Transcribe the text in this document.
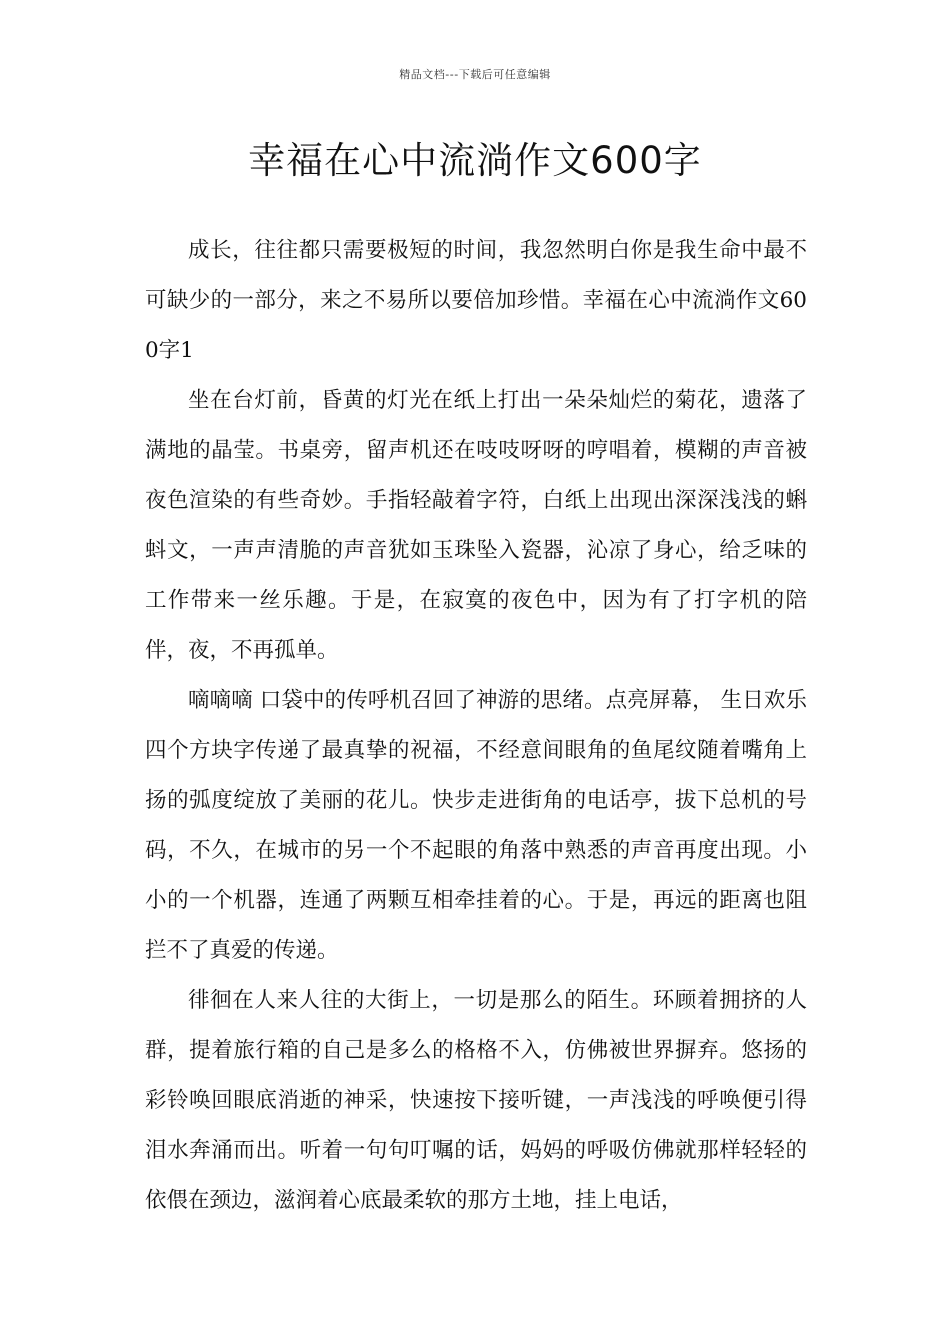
精品文档---下载后可任意编辑
幸福在心中流淌作文600字

成长，往往都只需要极短的时间，我忽然明白你是我生命中最不可缺少的一部分，来之不易所以要倍加珍惜。幸福在心中流淌作文600字1

坐在台灯前，昏黄的灯光在纸上打出一朵朵灿烂的菊花，遗落了满地的晶莹。书桌旁，留声机还在吱吱呀呀的哼唱着，模糊的声音被夜色渲染的有些奇妙。手指轻敲着字符，白纸上出现出深深浅浅的蝌蚪文，一声声清脆的声音犹如玉珠坠入瓷器，沁凉了身心，给乏味的工作带来一丝乐趣。于是，在寂寞的夜色中，因为有了打字机的陪伴，夜，不再孤单。

嘀嘀嘀 口袋中的传呼机召回了神游的思绪。点亮屏幕， 生日欢乐 四个方块字传递了最真挚的祝福，不经意间眼角的鱼尾纹随着嘴角上扬的弧度绽放了美丽的花儿。快步走进街角的电话亭，拔下总机的号码，不久，在城市的另一个不起眼的角落中熟悉的声音再度出现。小小的一个机器，连通了两颗互相牵挂着的心。于是，再远的距离也阻拦不了真爱的传递。

徘徊在人来人往的大街上，一切是那么的陌生。环顾着拥挤的人群，提着旅行箱的自己是多么的格格不入，仿佛被世界摒弃。悠扬的彩铃唤回眼底消逝的神采，快速按下接听键，一声浅浅的呼唤便引得泪水奔涌而出。听着一句句叮嘱的话，妈妈的呼吸仿佛就那样轻轻的依偎在颈边，滋润着心底最柔软的那方土地，挂上电话，
